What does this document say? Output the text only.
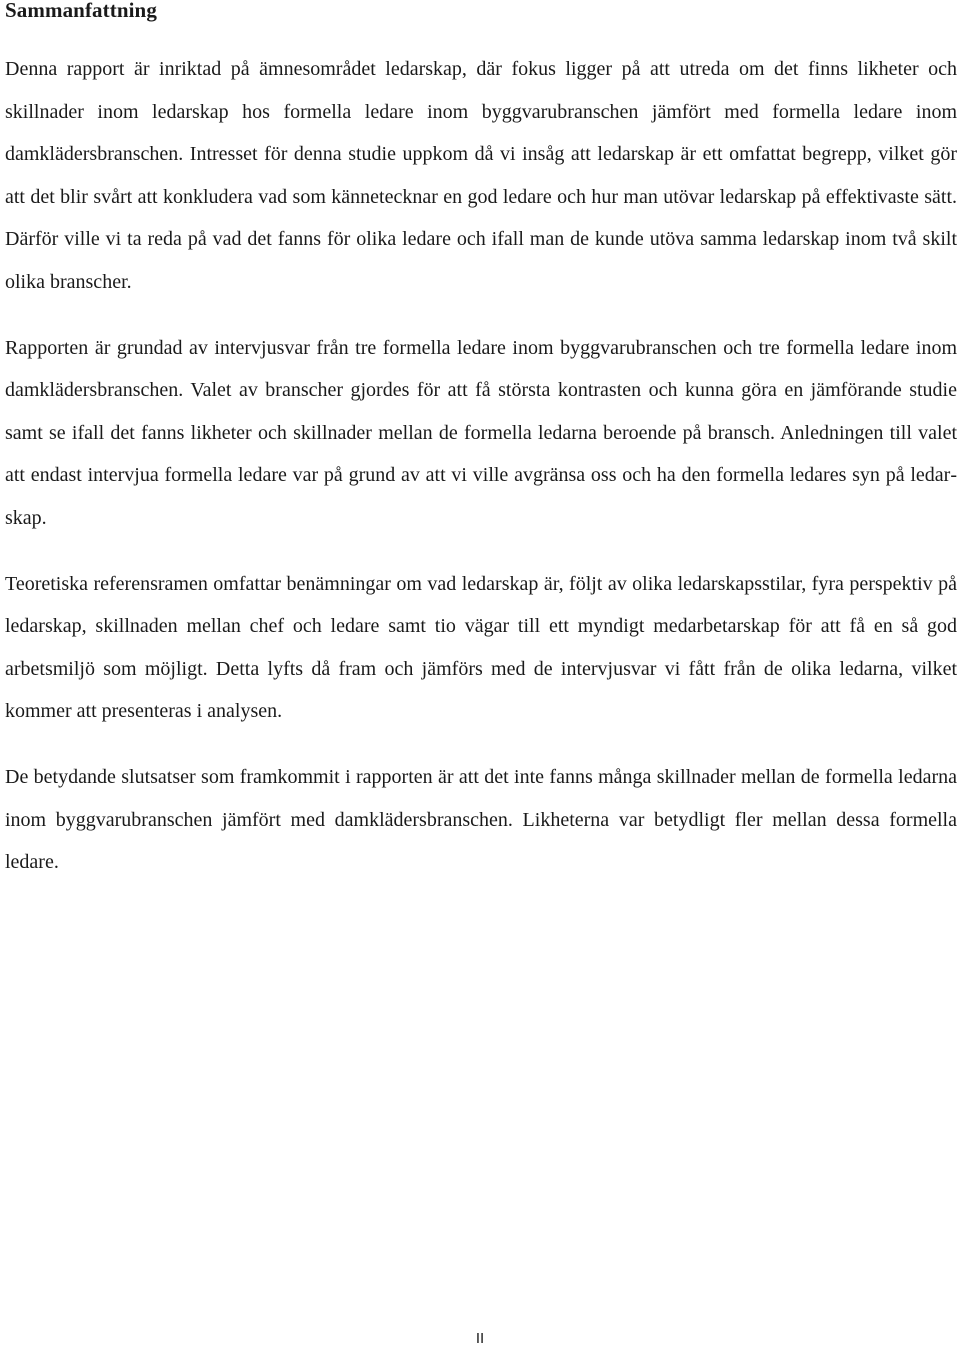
Sammanfattning

Denna rapport är inriktad på ämnesområdet ledarskap, där fokus ligger på att utreda om det finns likheter och skillnader inom ledarskap hos formella ledare inom byggvarubranschen jämfört med formella ledare inom damklädersbranschen. Intresset för denna studie uppkom då vi insåg att ledarskap är ett omfattat begrepp, vilket gör att det blir svårt att konkludera vad som kännetecknar en god ledare och hur man utövar ledarskap på effektivaste sätt. Därför ville vi ta reda på vad det fanns för olika ledare och ifall man de kunde utöva samma ledarskap inom två skilt olika branscher.

Rapporten är grundad av intervjusvar från tre formella ledare inom byggvarubranschen och tre formella ledare inom damklädersbranschen. Valet av branscher gjordes för att få största kontrasten och kunna göra en jämförande studie samt se ifall det fanns likheter och skillnader mellan de formella ledarna beroende på bransch. Anledningen till valet att endast intervjua formella ledare var på grund av att vi ville avgränsa oss och ha den formella ledares syn på ledarskap.

Teoretiska referensramen omfattar benämningar om vad ledarskap är, följt av olika ledarskapsstilar, fyra perspektiv på ledarskap, skillnaden mellan chef och ledare samt tio vägar till ett myndigt medarbetarskap för att få en så god arbetsmiljö som möjligt. Detta lyfts då fram och jämförs med de intervjusvar vi fått från de olika ledarna, vilket kommer att presenteras i analysen.

De betydande slutsatser som framkommit i rapporten är att det inte fanns många skillnader mellan de formella ledarna inom byggvarubranschen jämfört med damklädersbranschen. Likheterna var betydligt fler mellan dessa formella ledare.

II
